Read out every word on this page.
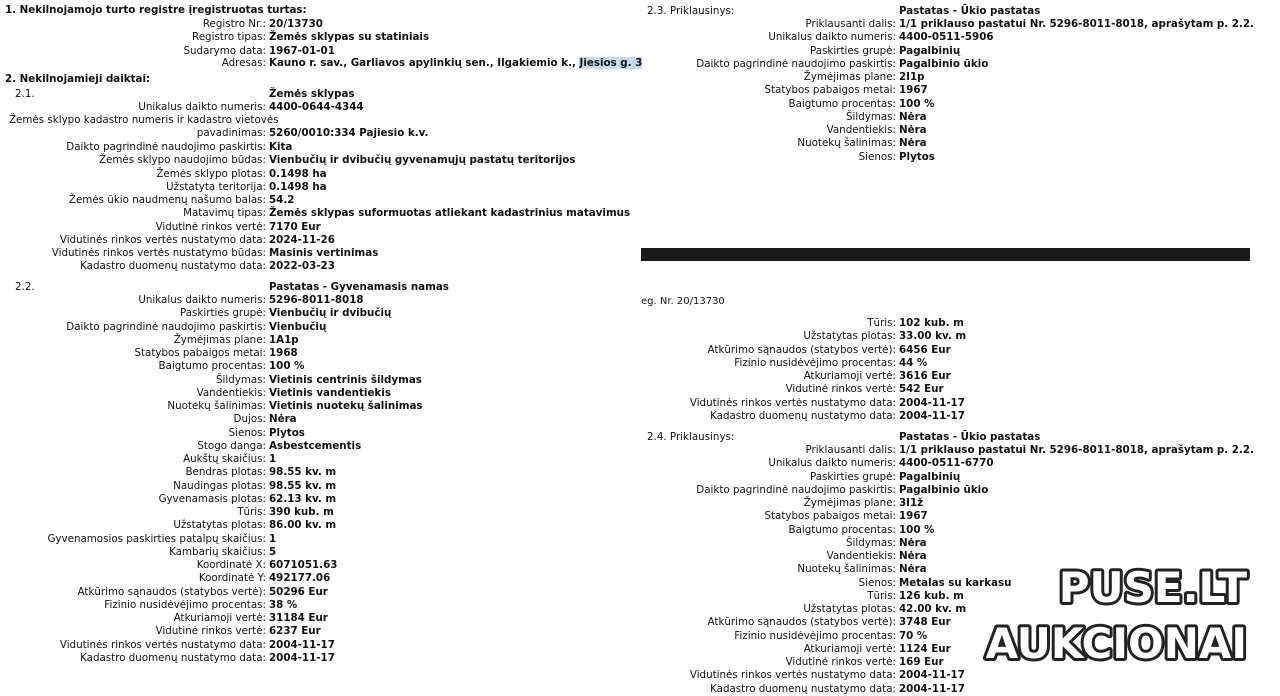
1. Nekilnojamojo turto registre įregistruotas turtas:
Registro Nr.: 20/13730
Registro tipas: Žemės sklypas su statiniais
Sudarymo data: 1967-01-01
Adresas: Kauno r. sav., Garliavos apylinkių sen., Ilgakiemio k., Jiesios g. 3
2. Nekilnojamieji daiktai:
2.1.	Žemės sklypas
Unikalus daikto numeris: 4400-0644-4344
Žemės sklypo kadastro numeris ir kadastro vietovės
pavadinimas: 5260/0010:334 Pajiesio k.v.
Daikto pagrindinė naudojimo paskirtis: Kita
Žemės sklypo naudojimo būdas: Vienbučių ir dvibučių gyvenamųjų pastatų teritorijos
Žemės sklypo plotas: 0.1498 ha
Užstatyta teritorija: 0.1498 ha
Žemės ūkio naudmenų našumo balas: 54.2
Matavimų tipas: Žemės sklypas suformuotas atliekant kadastrinius matavimus
Vidutinė rinkos vertė: 7170 Eur
Vidutinės rinkos vertės nustatymo data: 2024-11-26
Vidutinės rinkos vertės nustatymo būdas: Masinis vertinimas
Kadastro duomenų nustatymo data: 2022-03-23
2.2.	Pastatas - Gyvenamasis namas
Unikalus daikto numeris: 5296-8011-8018
Paskirties grupė: Vienbučių ir dvibučių
Daikto pagrindinė naudojimo paskirtis: Vienbučių
Žymėjimas plane: 1A1p
Statybos pabaigos metai: 1968
Baigtumo procentas: 100 %
Šildymas: Vietinis centrinis šildymas
Vandentiekis: Vietinis vandentiekis
Nuotekų šalinimas: Vietinis nuotekų šalinimas
Dujos: Nėra
Sienos: Plytos
Stogo danga: Asbestcementis
Aukštų skaičius: 1
Bendras plotas: 98.55 kv. m
Naudingas plotas: 98.55 kv. m
Gyvenamasis plotas: 62.13 kv. m
Tūris: 390 kub. m
Užstatytas plotas: 86.00 kv. m
Gyvenamosios paskirties patalpų skaičius: 1
Kambarių skaičius: 5
Koordinatė X: 6071051.63
Koordinatė Y: 492177.06
Atkūrimo sąnaudos (statybos vertė): 50296 Eur
Fizinio nusidėvėjimo procentas: 38 %
Atkuriamoji vertė: 31184 Eur
Vidutinė rinkos vertė: 6237 Eur
Vidutinės rinkos vertės nustatymo data: 2004-11-17
Kadastro duomenų nustatymo data: 2004-11-17
2.3. Priklausinys:	Pastatas - Ūkio pastatas
Priklausanti dalis: 1/1 priklauso pastatui Nr. 5296-8011-8018, aprašytam p. 2.2.
Unikalus daikto numeris: 4400-0511-5906
Paskirties grupė: Pagalbinių
Daikto pagrindinė naudojimo paskirtis: Pagalbinio ūkio
Žymėjimas plane: 2I1p
Statybos pabaigos metai: 1967
Baigtumo procentas: 100 %
Šildymas: Nėra
Vandentiekis: Nėra
Nuotekų šalinimas: Nėra
Sienos: Plytos
eg. Nr. 20/13730
Tūris: 102 kub. m
Užstatytas plotas: 33.00 kv. m
Atkūrimo sąnaudos (statybos vertė): 6456 Eur
Fizinio nusidėvėjimo procentas: 44 %
Atkuriamoji vertė: 3616 Eur
Vidutinė rinkos vertė: 542 Eur
Vidutinės rinkos vertės nustatymo data: 2004-11-17
Kadastro duomenų nustatymo data: 2004-11-17
2.4. Priklausinys:	Pastatas - Ūkio pastatas
Priklausanti dalis: 1/1 priklauso pastatui Nr. 5296-8011-8018, aprašytam p. 2.2.
Unikalus daikto numeris: 4400-0511-6770
Paskirties grupė: Pagalbinių
Daikto pagrindinė naudojimo paskirtis: Pagalbinio ūkio
Žymėjimas plane: 3I1ž
Statybos pabaigos metai: 1967
Baigtumo procentas: 100 %
Šildymas: Nėra
Vandentiekis: Nėra
Nuotekų šalinimas: Nėra
Sienos: Metalas su karkasu
Tūris: 126 kub. m
Užstatytas plotas: 42.00 kv. m
Atkūrimo sąnaudos (statybos vertė): 3748 Eur
Fizinio nusidėvėjimo procentas: 70 %
Atkuriamoji vertė: 1124 Eur
Vidutinė rinkos vertė: 169 Eur
Vidutinės rinkos vertės nustatymo data: 2004-11-17
Kadastro duomenų nustatymo data: 2004-11-17
PUSE.LT
AUKCIONAI
